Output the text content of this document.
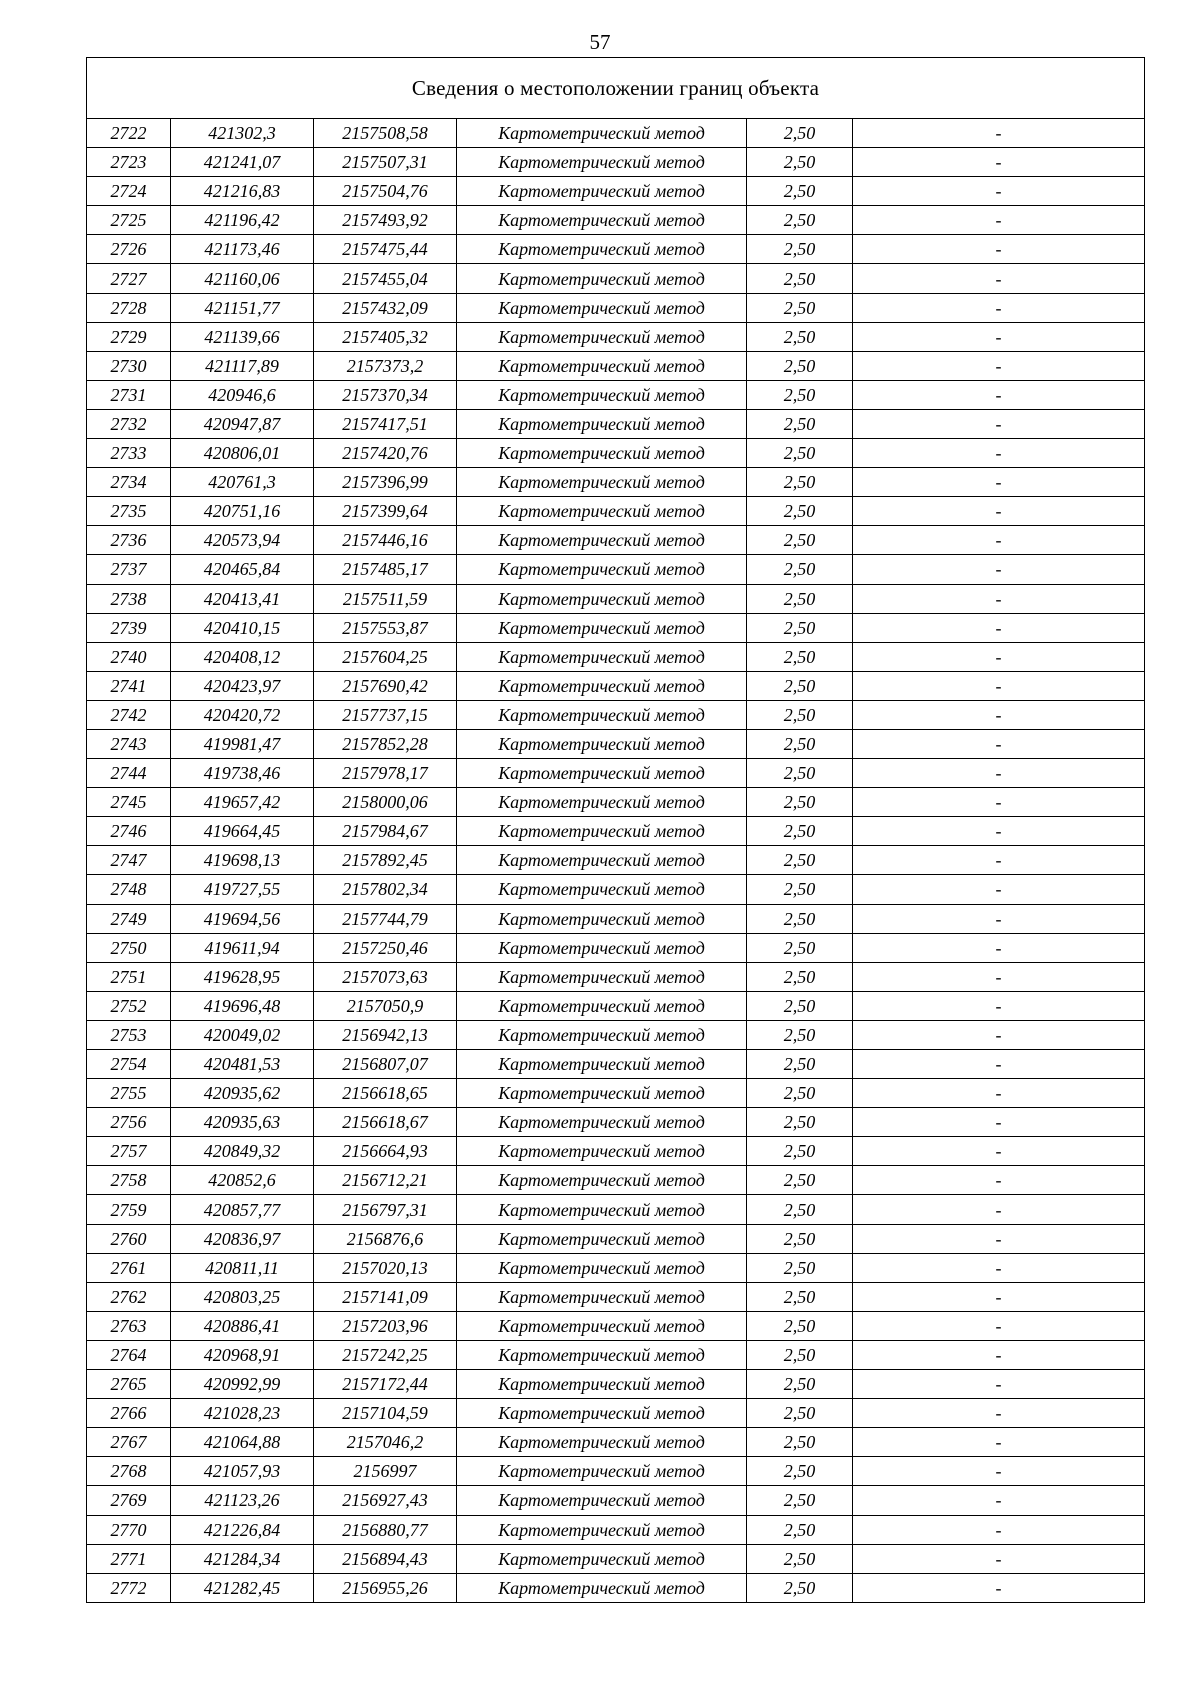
57
Сведения о местоположении границ объекта					
2722	421302,3	2157508,58	Картометрический метод	2,50	-
2723	421241,07	2157507,31	Картометрический метод	2,50	-
2724	421216,83	2157504,76	Картометрический метод	2,50	-
2725	421196,42	2157493,92	Картометрический метод	2,50	-
2726	421173,46	2157475,44	Картометрический метод	2,50	-
2727	421160,06	2157455,04	Картометрический метод	2,50	-
2728	421151,77	2157432,09	Картометрический метод	2,50	-
2729	421139,66	2157405,32	Картометрический метод	2,50	-
2730	421117,89	2157373,2	Картометрический метод	2,50	-
2731	420946,6	2157370,34	Картометрический метод	2,50	-
2732	420947,87	2157417,51	Картометрический метод	2,50	-
2733	420806,01	2157420,76	Картометрический метод	2,50	-
2734	420761,3	2157396,99	Картометрический метод	2,50	-
2735	420751,16	2157399,64	Картометрический метод	2,50	-
2736	420573,94	2157446,16	Картометрический метод	2,50	-
2737	420465,84	2157485,17	Картометрический метод	2,50	-
2738	420413,41	2157511,59	Картометрический метод	2,50	-
2739	420410,15	2157553,87	Картометрический метод	2,50	-
2740	420408,12	2157604,25	Картометрический метод	2,50	-
2741	420423,97	2157690,42	Картометрический метод	2,50	-
2742	420420,72	2157737,15	Картометрический метод	2,50	-
2743	419981,47	2157852,28	Картометрический метод	2,50	-
2744	419738,46	2157978,17	Картометрический метод	2,50	-
2745	419657,42	2158000,06	Картометрический метод	2,50	-
2746	419664,45	2157984,67	Картометрический метод	2,50	-
2747	419698,13	2157892,45	Картометрический метод	2,50	-
2748	419727,55	2157802,34	Картометрический метод	2,50	-
2749	419694,56	2157744,79	Картометрический метод	2,50	-
2750	419611,94	2157250,46	Картометрический метод	2,50	-
2751	419628,95	2157073,63	Картометрический метод	2,50	-
2752	419696,48	2157050,9	Картометрический метод	2,50	-
2753	420049,02	2156942,13	Картометрический метод	2,50	-
2754	420481,53	2156807,07	Картометрический метод	2,50	-
2755	420935,62	2156618,65	Картометрический метод	2,50	-
2756	420935,63	2156618,67	Картометрический метод	2,50	-
2757	420849,32	2156664,93	Картометрический метод	2,50	-
2758	420852,6	2156712,21	Картометрический метод	2,50	-
2759	420857,77	2156797,31	Картометрический метод	2,50	-
2760	420836,97	2156876,6	Картометрический метод	2,50	-
2761	420811,11	2157020,13	Картометрический метод	2,50	-
2762	420803,25	2157141,09	Картометрический метод	2,50	-
2763	420886,41	2157203,96	Картометрический метод	2,50	-
2764	420968,91	2157242,25	Картометрический метод	2,50	-
2765	420992,99	2157172,44	Картометрический метод	2,50	-
2766	421028,23	2157104,59	Картометрический метод	2,50	-
2767	421064,88	2157046,2	Картометрический метод	2,50	-
2768	421057,93	2156997	Картометрический метод	2,50	-
2769	421123,26	2156927,43	Картометрический метод	2,50	-
2770	421226,84	2156880,77	Картометрический метод	2,50	-
2771	421284,34	2156894,43	Картометрический метод	2,50	-
2772	421282,45	2156955,26	Картометрический метод	2,50	-
